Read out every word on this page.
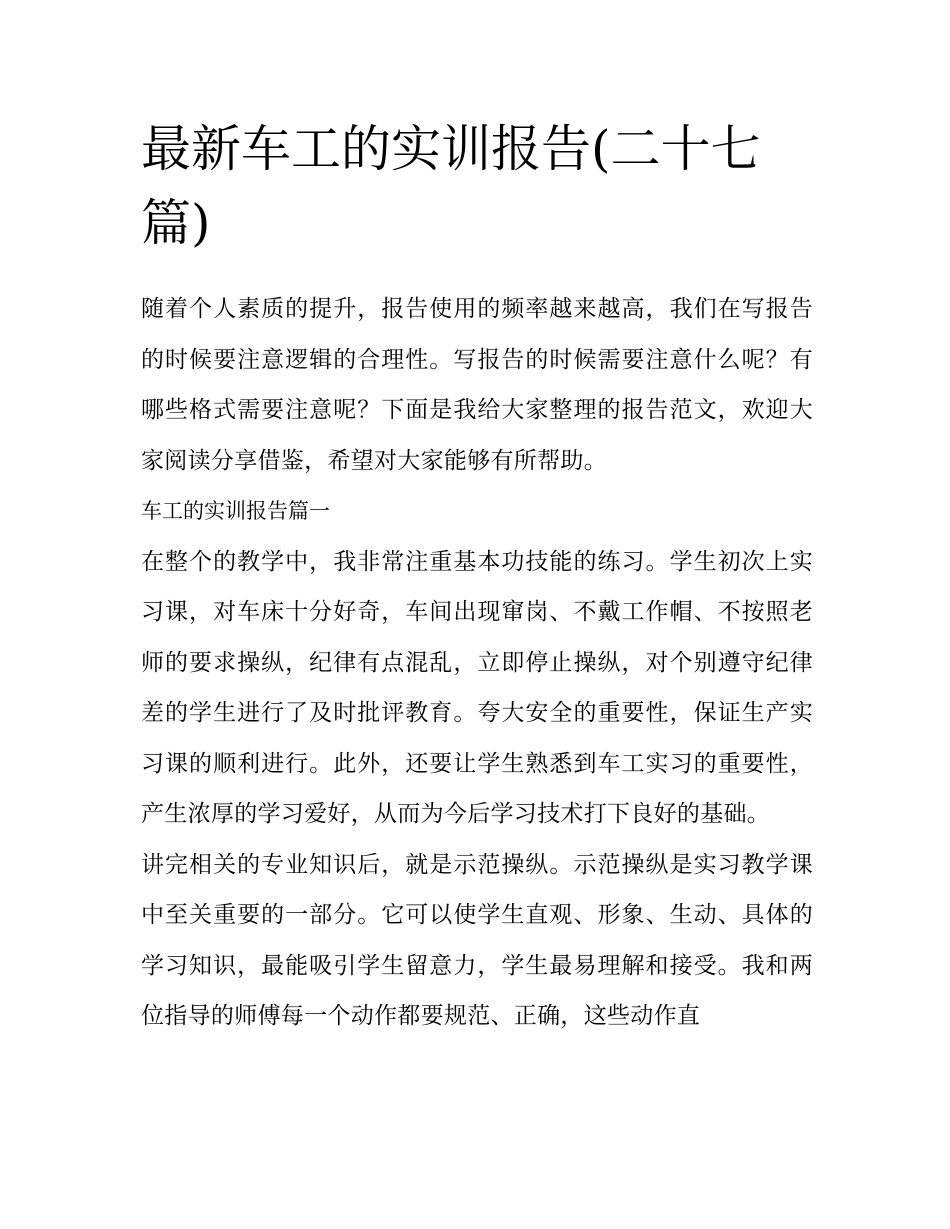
最新车工的实训报告(二十七篇)

随着个人素质的提升，报告使用的频率越来越高，我们在写报告的时候要注意逻辑的合理性。写报告的时候需要注意什么呢？有哪些格式需要注意呢？下面是我给大家整理的报告范文，欢迎大家阅读分享借鉴，希望对大家能够有所帮助。

车工的实训报告篇一

在整个的教学中，我非常注重基本功技能的练习。学生初次上实习课，对车床十分好奇，车间出现窜岗、不戴工作帽、不按照老师的要求操纵，纪律有点混乱，立即停止操纵，对个别遵守纪律差的学生进行了及时批评教育。夸大安全的重要性，保证生产实习课的顺利进行。此外，还要让学生熟悉到车工实习的重要性，产生浓厚的学习爱好，从而为今后学习技术打下良好的基础。

讲完相关的专业知识后，就是示范操纵。示范操纵是实习教学课中至关重要的一部分。它可以使学生直观、形象、生动、具体的学习知识，最能吸引学生留意力，学生最易理解和接受。我和两位指导的师傅每一个动作都要规范、正确，这些动作直
